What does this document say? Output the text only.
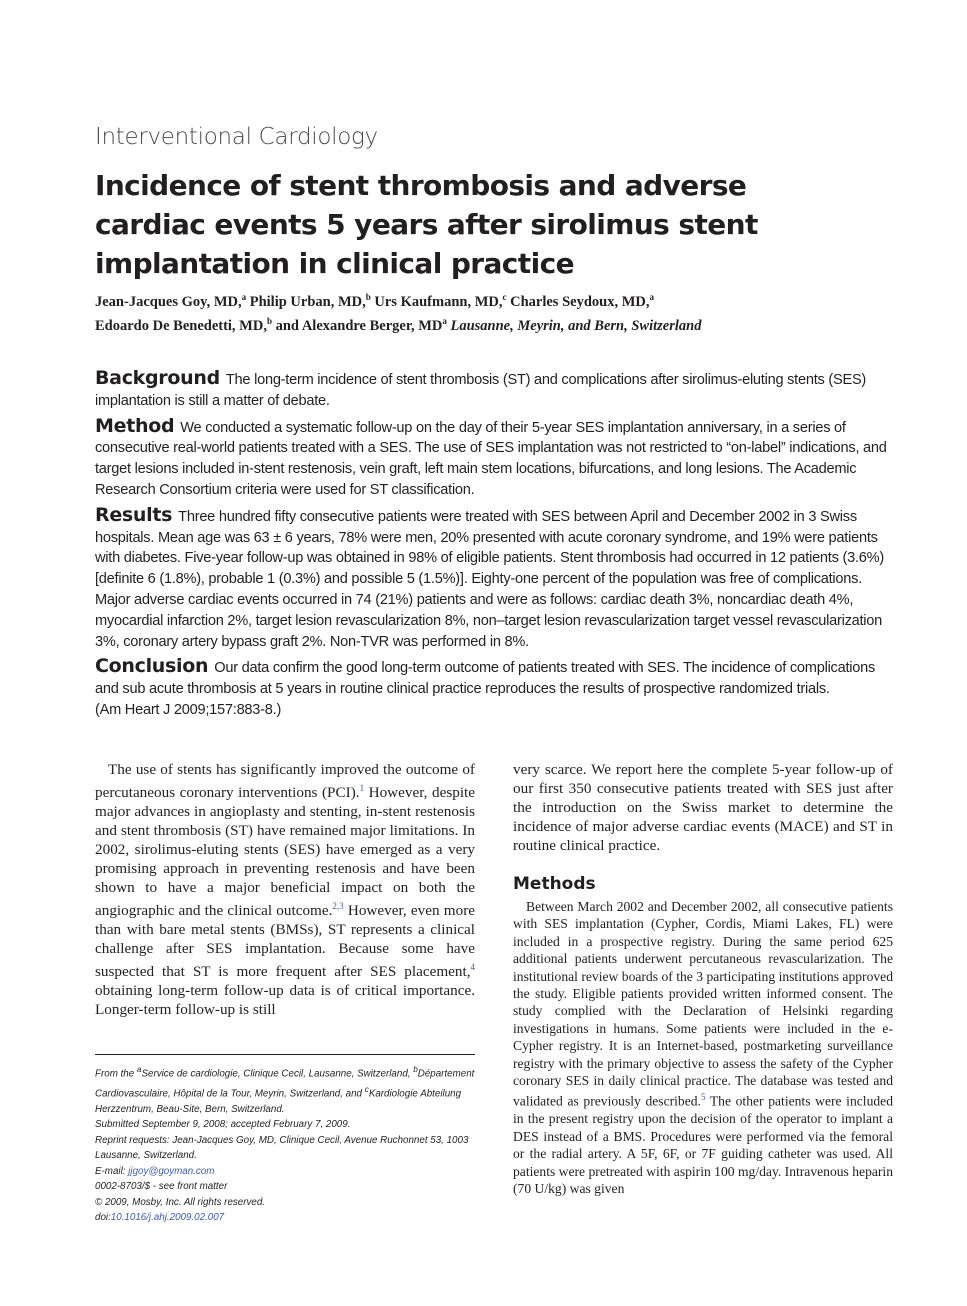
Interventional Cardiology
Incidence of stent thrombosis and adverse cardiac events 5 years after sirolimus stent implantation in clinical practice
Jean-Jacques Goy, MD,$^a$ Philip Urban, MD,$^b$ Urs Kaufmann, MD,$^c$ Charles Seydoux, MD,$^a$
Edoardo De Benedetti, MD,$^b$ and Alexandre Berger, $MD^a$ Lausanne, Meyrin, and Bern, Switzerland

Background The long-term incidence of stent thrombosis (ST) and complications after sirolimus-eluting stents (SES) implantation is still a matter of debate.

Method We conducted a systematic follow-up on the day of their 5-year SES implantation anniversary, in a series of consecutive real-world patients treated with a SES. The use of SES implantation was not restricted to “on-label” indications, and target lesions included in-stent restenosis, vein graft, left main stem locations, bifurcations, and long lesions. The Academic Research Consortium criteria were used for ST classification.

Results Three hundred fifty consecutive patients were treated with SES between April and December 2002 in 3 Swiss hospitals. Mean age was 63 ± 6 years, 78% were men, 20% presented with acute coronary syndrome, and 19% were patients with diabetes. Five-year follow-up was obtained in 98% of eligible patients. Stent thrombosis had occurred in 12 patients (3.6%) [definite 6 (1.8%), probable 1 (0.3%) and possible 5 (1.5%)]. Eighty-one percent of the population was free of complications. Major adverse cardiac events occurred in 74 (21%) patients and were as follows: cardiac death 3%, noncardiac death 4%, myocardial infarction 2%, target lesion revascularization 8%, non–target lesion revascularization target vessel revascularization 3%, coronary artery bypass graft 2%. Non-TVR was performed in 8%.

Conclusion Our data confirm the good long-term outcome of patients treated with SES. The incidence of complications and sub acute thrombosis at 5 years in routine clinical practice reproduces the results of prospective randomized trials.
(Am Heart J 2009;157:883-8.)

The use of stents has significantly improved the outcome of percutaneous coronary interventions (PCI).$^1$ However, despite major advances in angioplasty and stenting, in-stent restenosis and stent thrombosis (ST) have remained major limitations. In 2002, sirolimus-eluting stents (SES) have emerged as a very promising approach in preventing restenosis and have been shown to have a major beneficial impact on both the angiographic and the clinical outcome.$^{2,3}$ However, even more than with bare metal stents (BMSs), ST represents a clinical challenge after SES implantation. Because some have suspected that ST is more frequent after SES placement,$^4$ obtaining long-term follow-up data is of critical importance. Longer-term follow-up is still

very scarce. We report here the complete 5-year follow-up of our first 350 consecutive patients treated with SES just after the introduction on the Swiss market to determine the incidence of major adverse cardiac events (MACE) and ST in routine clinical practice.

Methods

Between March 2002 and December 2002, all consecutive patients with SES implantation (Cypher, Cordis, Miami Lakes, FL) were included in a prospective registry. During the same period 625 additional patients underwent percutaneous revascularization. The institutional review boards of the 3 participating institutions approved the study. Eligible patients provided written informed consent. The study complied with the Declaration of Helsinki regarding investigations in humans. Some patients were included in the e-Cypher registry. It is an Internet-based, postmarketing surveillance registry with the primary objective to assess the safety of the Cypher coronary SES in daily clinical practice. The database was tested and validated as previously described.$^5$ The other patients were included in the present registry upon the decision of the operator to implant a DES instead of a BMS. Procedures were performed via the femoral or the radial artery. A 5F, 6F, or 7F guiding catheter was used. All patients were pretreated with aspirin 100 mg/day. Intravenous heparin (70 U/kg) was given

From the $^a$Service de cardiologie, Clinique Cecil, Lausanne, Switzerland, $^b$Département Cardiovasculaire, Hôpital de la Tour, Meyrin, Switzerland, and $^c$Kardiologie Abteilung Herzzentrum, Beau-Site, Bern, Switzerland.
Submitted September 9, 2008; accepted February 7, 2009.
Reprint requests: Jean-Jacques Goy, MD, Clinique Cecil, Avenue Ruchonnet 53, 1003 Lausanne, Switzerland.
E-mail: jjgoy@goyman.com
0002-8703/$ - see front matter
© 2009, Mosby, Inc. All rights reserved.
doi:10.1016/j.ahj.2009.02.007
